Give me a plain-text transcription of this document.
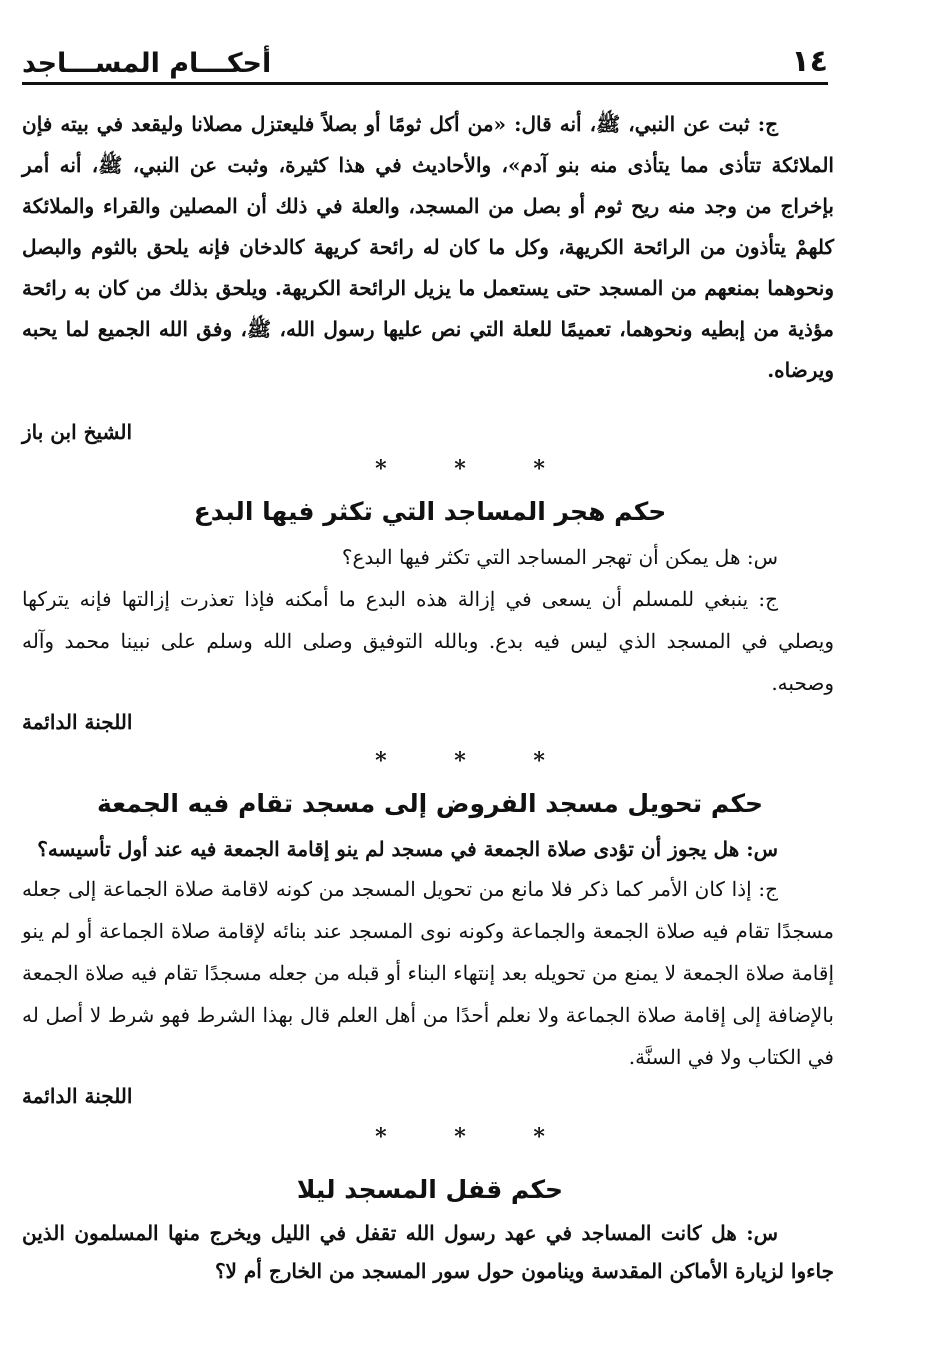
١٤
أحكـــام المســـاجد

ج: ثبت عن النبي، ﷺ، أنه قال: «من أكل ثومًا أو بصلاً فليعتزل مصلانا وليقعد في بيته فإن الملائكة تتأذى مما يتأذى منه بنو آدم»، والأحاديث في هذا كثيرة، وثبت عن النبي، ﷺ، أنه أمر بإخراج من وجد منه ريح ثوم أو بصل من المسجد، والعلة في ذلك أن المصلين والقراء والملائكة كلهمْ يتأذون من الرائحة الكريهة، وكل ما كان له رائحة كريهة كالدخان فإنه يلحق بالثوم والبصل ونحوهما بمنعهم من المسجد حتى يستعمل ما يزيل الرائحة الكريهة. ويلحق بذلك من كان به رائحة مؤذية من إبطيه ونحوهما، تعميمًا للعلة التي نص عليها رسول الله، ﷺ، وفق الله الجميع لما يحبه ويرضاه.

الشيخ ابن باز
* * *
حكم هجر المساجد التي تكثر فيها البدع

س: هل يمكن أن تهجر المساجد التي تكثر فيها البدع؟

ج: ينبغي للمسلم أن يسعى في إزالة هذه البدع ما أمكنه فإذا تعذرت إزالتها فإنه يتركها ويصلي في المسجد الذي ليس فيه بدع. وبالله التوفيق وصلى الله وسلم على نبينا محمد وآله وصحبه.

اللجنة الدائمة
* * *
حكم تحويل مسجد الفروض إلى مسجد تقام فيه الجمعة

س: هل يجوز أن تؤدى صلاة الجمعة في مسجد لم ينو إقامة الجمعة فيه عند أول تأسيسه؟

ج: إذا كان الأمر كما ذكر فلا مانع من تحويل المسجد من كونه لاقامة صلاة الجماعة إلى جعله مسجدًا تقام فيه صلاة الجمعة والجماعة وكونه نوى المسجد عند بنائه لإقامة صلاة الجماعة أو لم ينو إقامة صلاة الجمعة لا يمنع من تحويله بعد إنتهاء البناء أو قبله من جعله مسجدًا تقام فيه صلاة الجمعة بالإضافة إلى إقامة صلاة الجماعة ولا نعلم أحدًا من أهل العلم قال بهذا الشرط فهو شرط لا أصل له في الكتاب ولا في السنَّة.

اللجنة الدائمة
* * *
حكم قفل المسجد ليلا

س: هل كانت المساجد في عهد رسول الله تقفل في الليل ويخرج منها المسلمون الذين جاءوا لزيارة الأماكن المقدسة وينامون حول سور المسجد من الخارج أم لا؟
